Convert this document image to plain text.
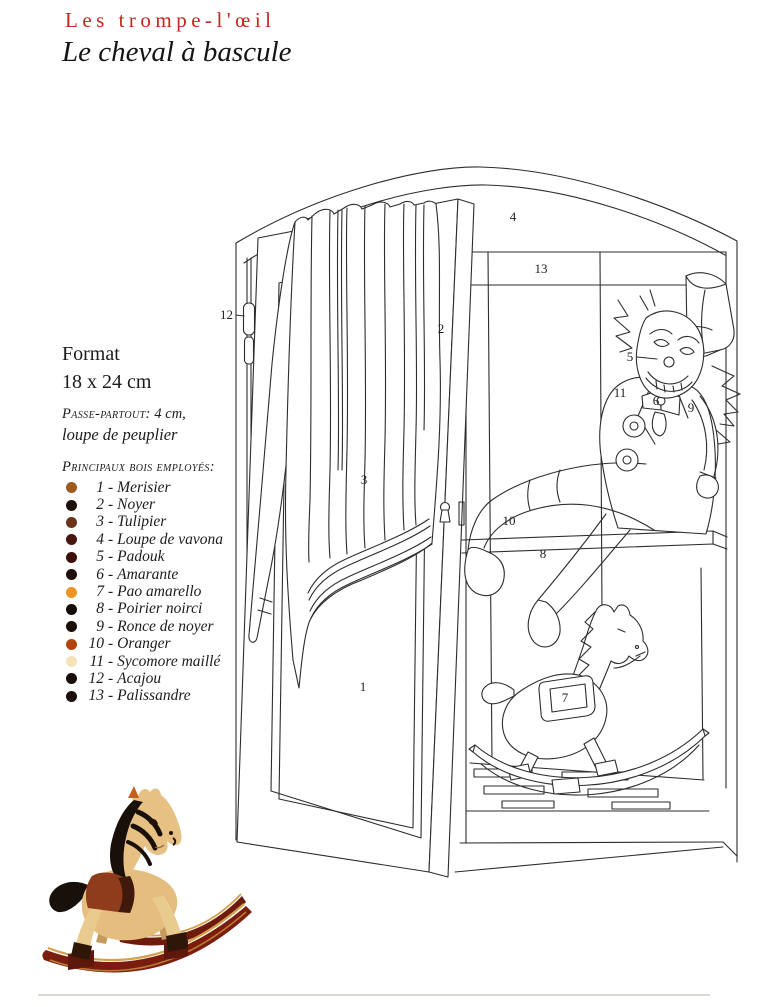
Les trompe-l'œil
Le cheval à bascule
Format
18 x 24 cm
Passe-partout: 4 cm,
loupe de peuplier

Principaux bois employés:

1 - Merisier
2 - Noyer
3 - Tulipier
4 - Loupe de vavona
5 - Padouk
6 - Amarante
7 - Pao amarello
8 - Poirier noirci
9 - Ronce de noyer
10 - Oranger
11 - Sycomore maillé
12 - Acajou
13 - Palissandre
12
2
4
13
5
11
6 9
10
8
3
1
7
